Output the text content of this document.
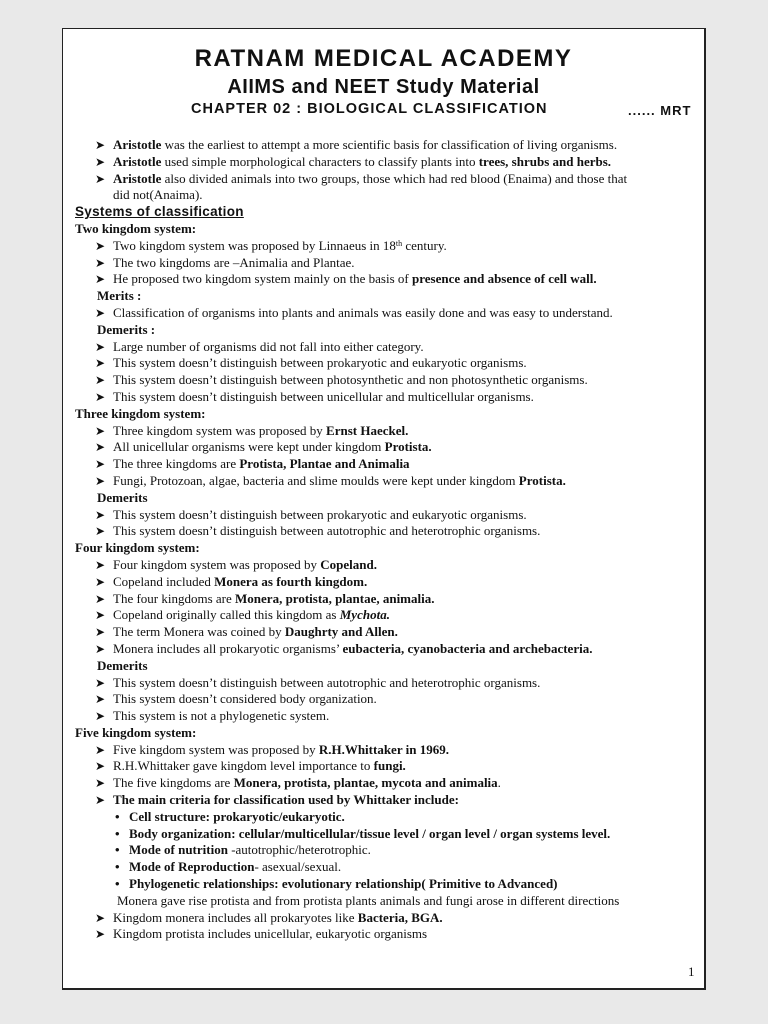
RATNAM MEDICAL ACADEMY
AIIMS and NEET Study Material
CHAPTER 02 : BIOLOGICAL CLASSIFICATION	...... MRT
➤ Aristotle was the earliest to attempt a more scientific basis for classification of living organisms.
➤ Aristotle used simple morphological characters to classify plants into trees, shrubs and herbs.
➤ Aristotle also divided animals into two groups, those which had red blood (Enaima) and those that
did not(Anaima).
Systems of classification
Two kingdom system:
➤ Two kingdom system was proposed by Linnaeus in 18th century.
➤ The two kingdoms are –Animalia and Plantae.
➤ He proposed two kingdom system mainly on the basis of presence and absence of cell wall.
Merits :
➤ Classification of organisms into plants and animals was easily done and was easy to understand.
Demerits :
➤ Large number of organisms did not fall into either category.
➤ This system doesn’t distinguish between prokaryotic and eukaryotic organisms.
➤ This system doesn’t distinguish between photosynthetic and non photosynthetic organisms.
➤ This system doesn’t distinguish between unicellular and multicellular organisms.
Three kingdom system:
➤ Three kingdom system was proposed by Ernst Haeckel.
➤ All unicellular organisms were kept under kingdom Protista.
➤ The three kingdoms are Protista, Plantae and Animalia
➤ Fungi, Protozoan, algae, bacteria and slime moulds were kept under kingdom Protista.
Demerits
➤ This system doesn’t distinguish between prokaryotic and eukaryotic organisms.
➤ This system doesn’t distinguish between autotrophic and heterotrophic organisms.
Four kingdom system:
➤ Four kingdom system was proposed by Copeland.
➤ Copeland included Monera as fourth kingdom.
➤ The four kingdoms are Monera, protista, plantae, animalia.
➤ Copeland originally called this kingdom as Mychota.
➤ The term Monera was coined by Daughrty and Allen.
➤ Monera includes all prokaryotic organisms’ eubacteria, cyanobacteria and archebacteria.
Demerits
➤ This system doesn’t distinguish between autotrophic and heterotrophic organisms.
➤ This system doesn’t considered body organization.
➤ This system is not a phylogenetic system.
Five kingdom system:
➤ Five kingdom system was proposed by R.H.Whittaker in 1969.
➤ R.H.Whittaker gave kingdom level importance to fungi.
➤ The five kingdoms are Monera, protista, plantae, mycota and animalia.
➤ The main criteria for classification used by Whittaker include:
• Cell structure: prokaryotic/eukaryotic.
• Body organization: cellular/multicellular/tissue level / organ level / organ systems level.
• Mode of nutrition -autotrophic/heterotrophic.
• Mode of Reproduction- asexual/sexual.
• Phylogenetic relationships: evolutionary relationship( Primitive to Advanced)
Monera gave rise protista and from protista plants animals and fungi arose in different directions
➤ Kingdom monera includes all prokaryotes like Bacteria, BGA.
➤ Kingdom protista includes unicellular, eukaryotic organisms
1
